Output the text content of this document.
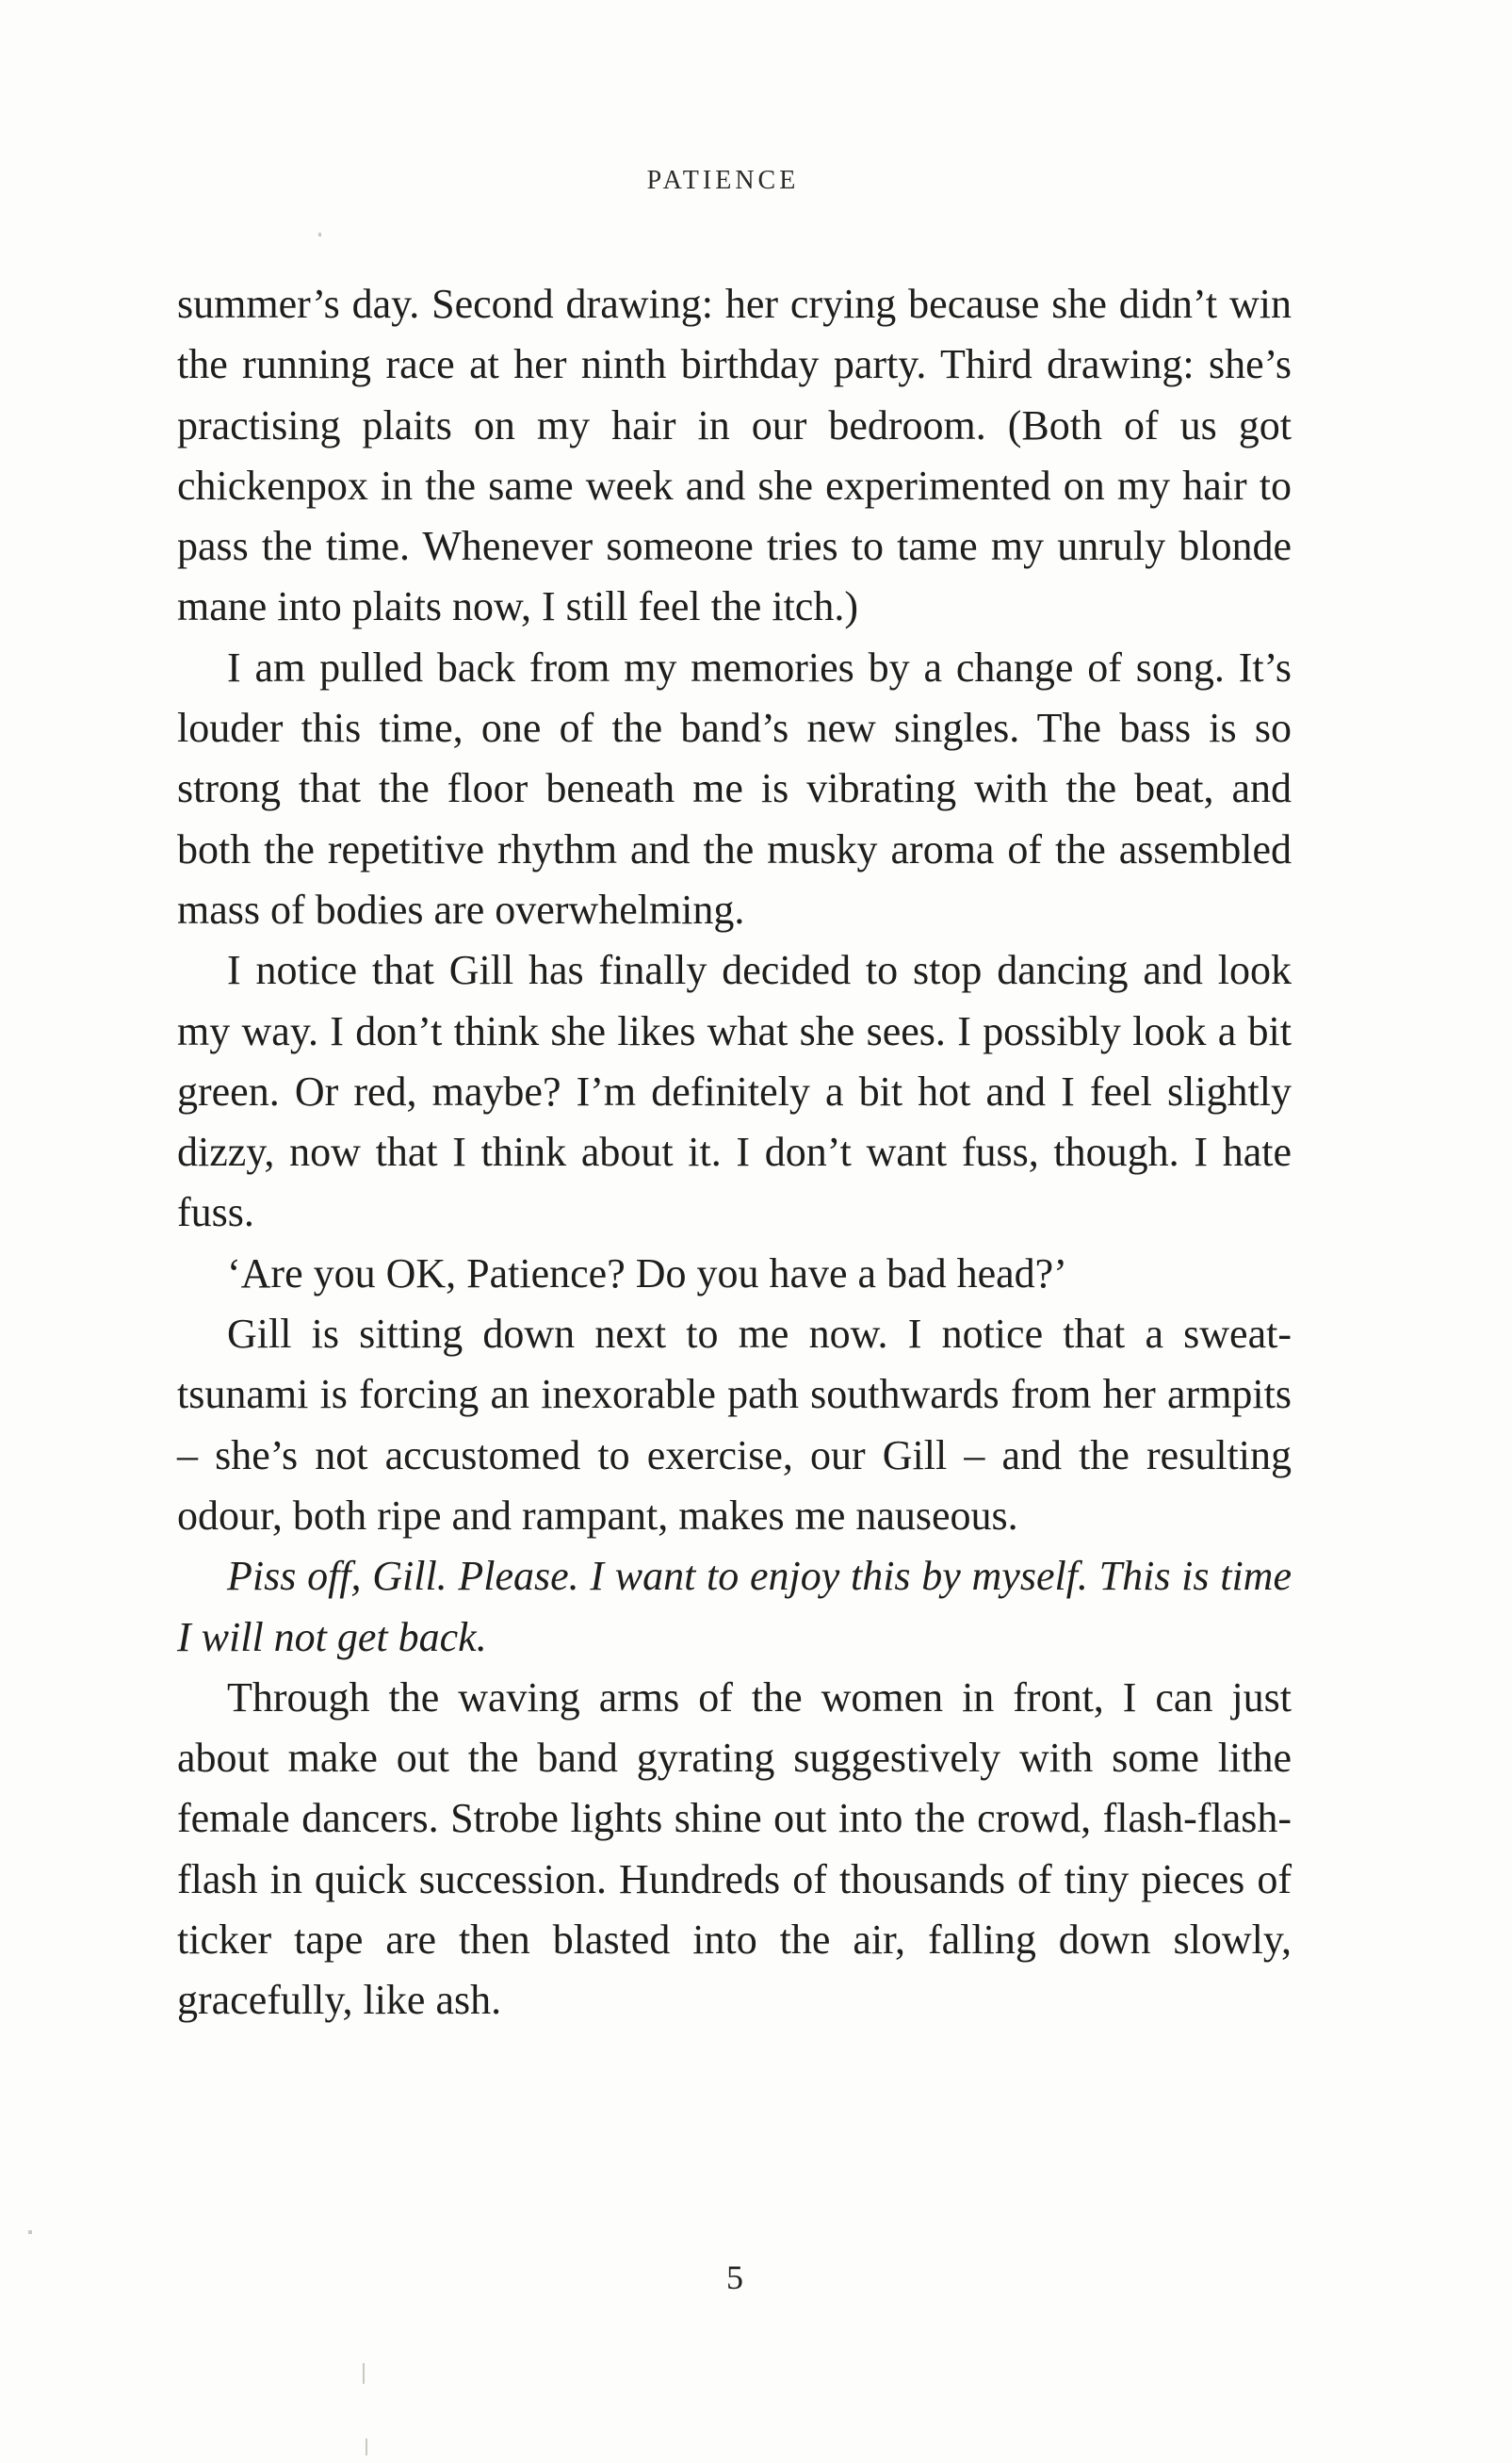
PATIENCE

summer’s day. Second drawing: her crying because she didn’t win the running race at her ninth birthday party. Third drawing: she’s practising plaits on my hair in our bedroom. (Both of us got chickenpox in the same week and she experimented on my hair to pass the time. Whenever someone tries to tame my unruly blonde mane into plaits now, I still feel the itch.)

I am pulled back from my memories by a change of song. It’s louder this time, one of the band’s new singles. The bass is so strong that the floor beneath me is vibrating with the beat, and both the repetitive rhythm and the musky aroma of the assembled mass of bodies are overwhelming.

I notice that Gill has finally decided to stop dancing and look my way. I don’t think she likes what she sees. I possibly look a bit green. Or red, maybe? I’m definitely a bit hot and I feel slightly dizzy, now that I think about it. I don’t want fuss, though. I hate fuss.

‘Are you OK, Patience? Do you have a bad head?’

Gill is sitting down next to me now. I notice that a sweat-tsunami is forcing an inexorable path southwards from her armpits – she’s not accustomed to exercise, our Gill – and the resulting odour, both ripe and rampant, makes me nauseous.

Piss off, Gill. Please. I want to enjoy this by myself. This is time I will not get back.

Through the waving arms of the women in front, I can just about make out the band gyrating suggestively with some lithe female dancers. Strobe lights shine out into the crowd, flash-flash-flash in quick succession. Hundreds of thousands of tiny pieces of ticker tape are then blasted into the air, falling down slowly, gracefully, like ash.

5
